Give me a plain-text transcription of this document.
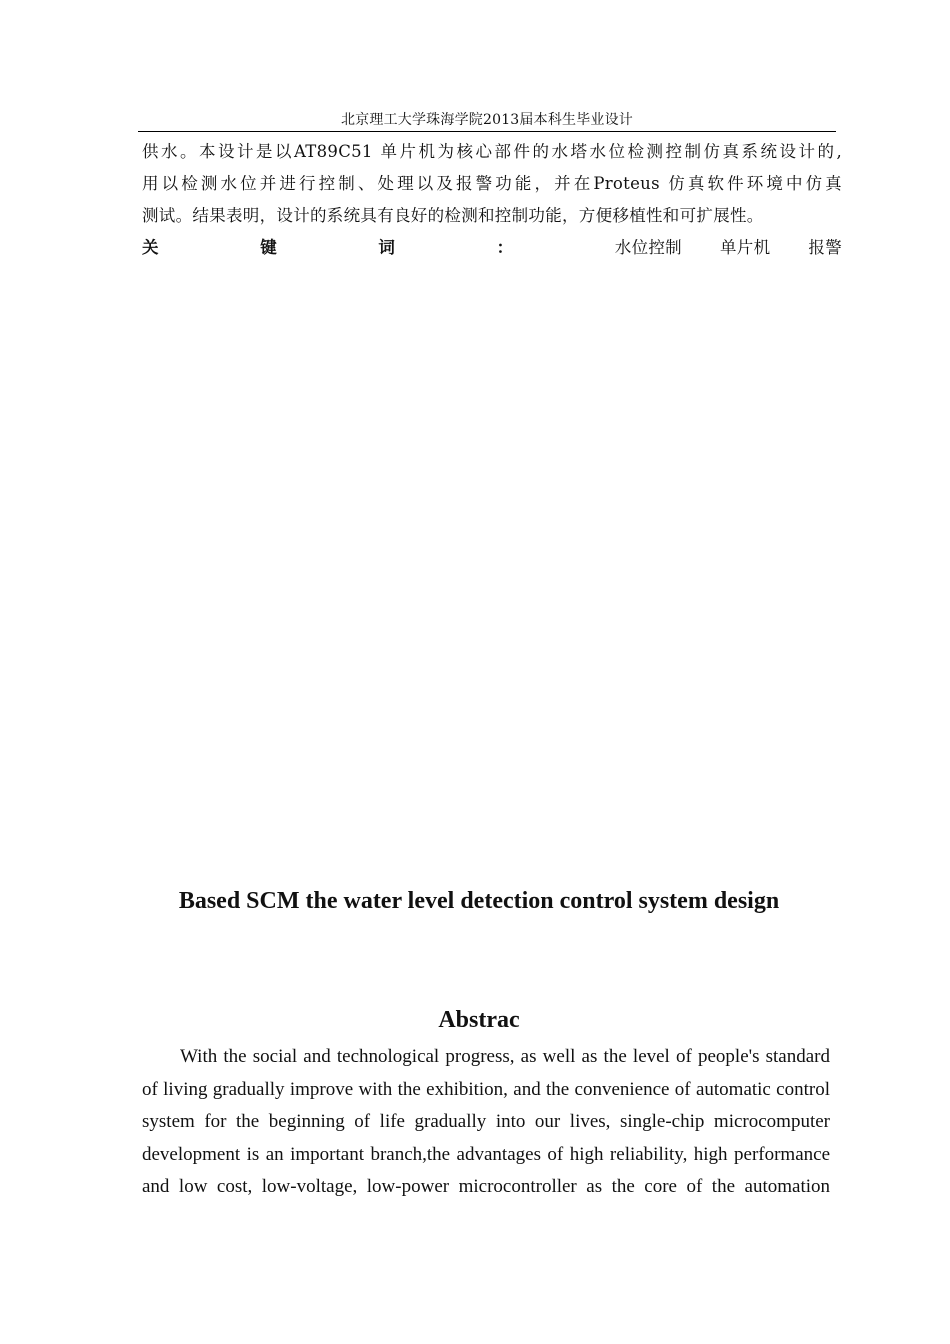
北京理工大学珠海学院2013届本科生毕业设计

供水。本设计是以AT89C51 单片机为核心部件的水塔水位检测控制仿真系统设计的,

用以检测水位并进行控制、处理以及报警功能，并在Proteus 仿真软件环境中仿真

测试。结果表明，设计的系统具有良好的检测和控制功能，方便移植性和可扩展性。

关键词：水位控制 单片机 报警

Based SCM the water level detection control system design
Abstrac
With the social and technological progress, as well as the level of people's standard
of living gradually improve with the exhibition, and the convenience of automatic control
system for the beginning of life gradually into our lives, single-chip microcomputer
development is an important branch,the advantages of high reliability, high performance
and low cost, low-voltage, low-power microcontroller as the core of the automation
